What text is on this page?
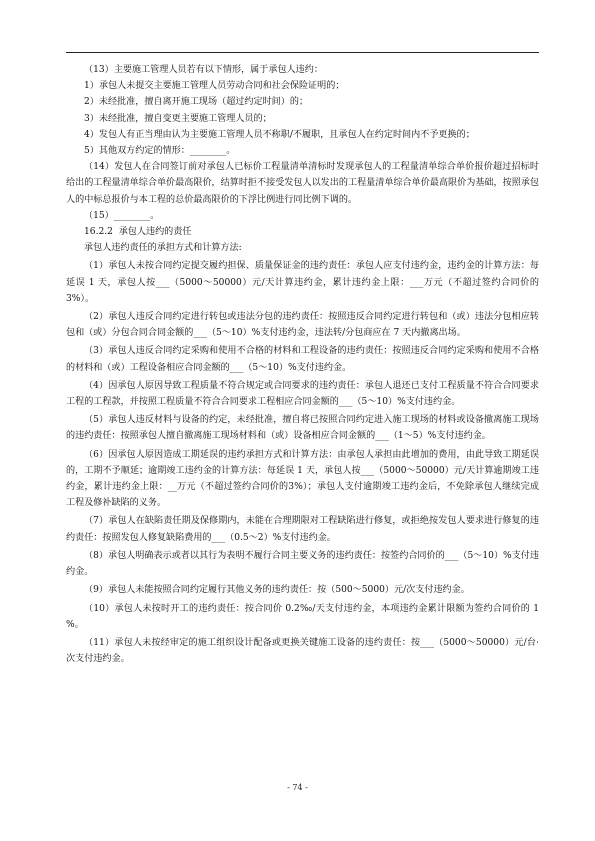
（13）主要施工管理人员若有以下情形，属于承包人违约：

1）承包人未提交主要施工管理人员劳动合同和社会保险证明的；

2）未经批准，擅自离开施工现场（超过约定时间）的；

3）未经批准，擅自变更主要施工管理人员的；

4）发包人有正当理由认为主要施工管理人员不称职/不履职，且承包人在约定时间内不予更换的；

5）其他双方约定的情形：________。

（14）发包人在合同签订前对承包人已标价工程量清单清标时发现承包人的工程量清单综合单价报价超过招标时给出的工程量清单综合单价最高限价，结算时拒不接受发包人以发出的工程量清单综合单价最高限价为基础，按照承包人的中标总报价与本工程的总价最高限价的下浮比例进行同比例下调的。

（15）________。

16.2.2  承包人违约的责任

承包人违约责任的承担方式和计算方法:

（1）承包人未按合同约定提交履约担保、质量保证金的违约责任：承包人应支付违约金，违约金的计算方法：每延误 1 天，承包人按___（5000～50000）元/天计算违约金，累计违约金上限：___万元（不超过签约合同价的3%）。

（2）承包人违反合同约定进行转包或违法分包的违约责任：按照违反合同约定进行转包和（或）违法分包相应转包和（或）分包合同合同金额的___（5～10）%支付违约金，违法转/分包商应在 7 天内撤离出场。

（3）承包人违反合同约定采购和使用不合格的材料和工程设备的违约责任：按照违反合同约定采购和使用不合格的材料和（或）工程设备相应合同金额的___（5～10）%支付违约金。

（4）因承包人原因导致工程质量不符合规定或合同要求的违约责任：承包人退还已支付工程质量不符合合同要求工程的工程款，并按照工程质量不符合合同要求工程相应合同金额的___（5～10）%支付违约金。

（5）承包人违反材料与设备的约定，未经批准，擅自将已按照合同约定进入施工现场的材料或设备撤离施工现场的违约责任：按照承包人擅自撤离施工现场材料和（或）设备相应合同金额的___（1～5）%支付违约金。

（6）因承包人原因造成工期延误的违约承担方式和计算方法：由承包人承担由此增加的费用，由此导致工期延误的，工期不予顺延；逾期竣工违约金的计算方法：每延误 1 天，承包人按___（5000～50000）元/天计算逾期竣工违约金，累计违约金上限：__万元（不超过签约合同价的3%）；承包人支付逾期竣工违约金后，不免除承包人继续完成工程及修补缺陷的义务。

（7）承包人在缺陷责任期及保修期内，未能在合理期限对工程缺陷进行修复，或拒绝按发包人要求进行修复的违约责任：按照发包人修复缺陷费用的___（0.5～2）%支付违约金。

（8）承包人明确表示或者以其行为表明不履行合同主要义务的违约责任：按签约合同价的___（5～10）%支付违约金。

（9）承包人未能按照合同约定履行其他义务的违约责任：按（500～5000）元/次支付违约金。

（10）承包人未按时开工的违约责任：按合同价 0.2‰/天支付违约金，本项违约金累计限额为签约合同价的 1 %。

（11）承包人未按经审定的施工组织设计配备或更换关键施工设备的违约责任：按___（5000～50000）元/台·次支付违约金。

- 74 -
